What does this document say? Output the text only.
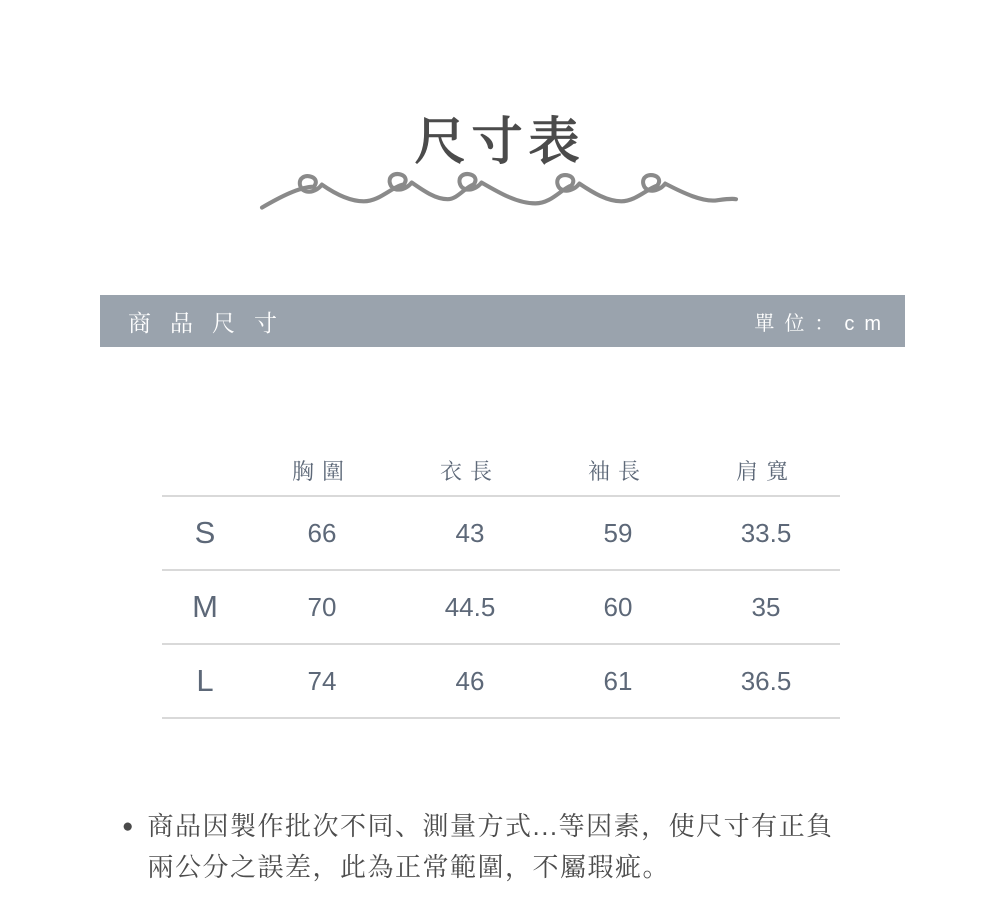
尺寸表
商品尺寸	單位：cm
	胸圍	衣長	袖長	肩寬
S	66	43	59	33.5
M	70	44.5	60	35
L	74	46	61	36.5
● 商品因製作批次不同、測量方式...等因素，使尺寸有正負
兩公分之誤差，此為正常範圍，不屬瑕疵。
